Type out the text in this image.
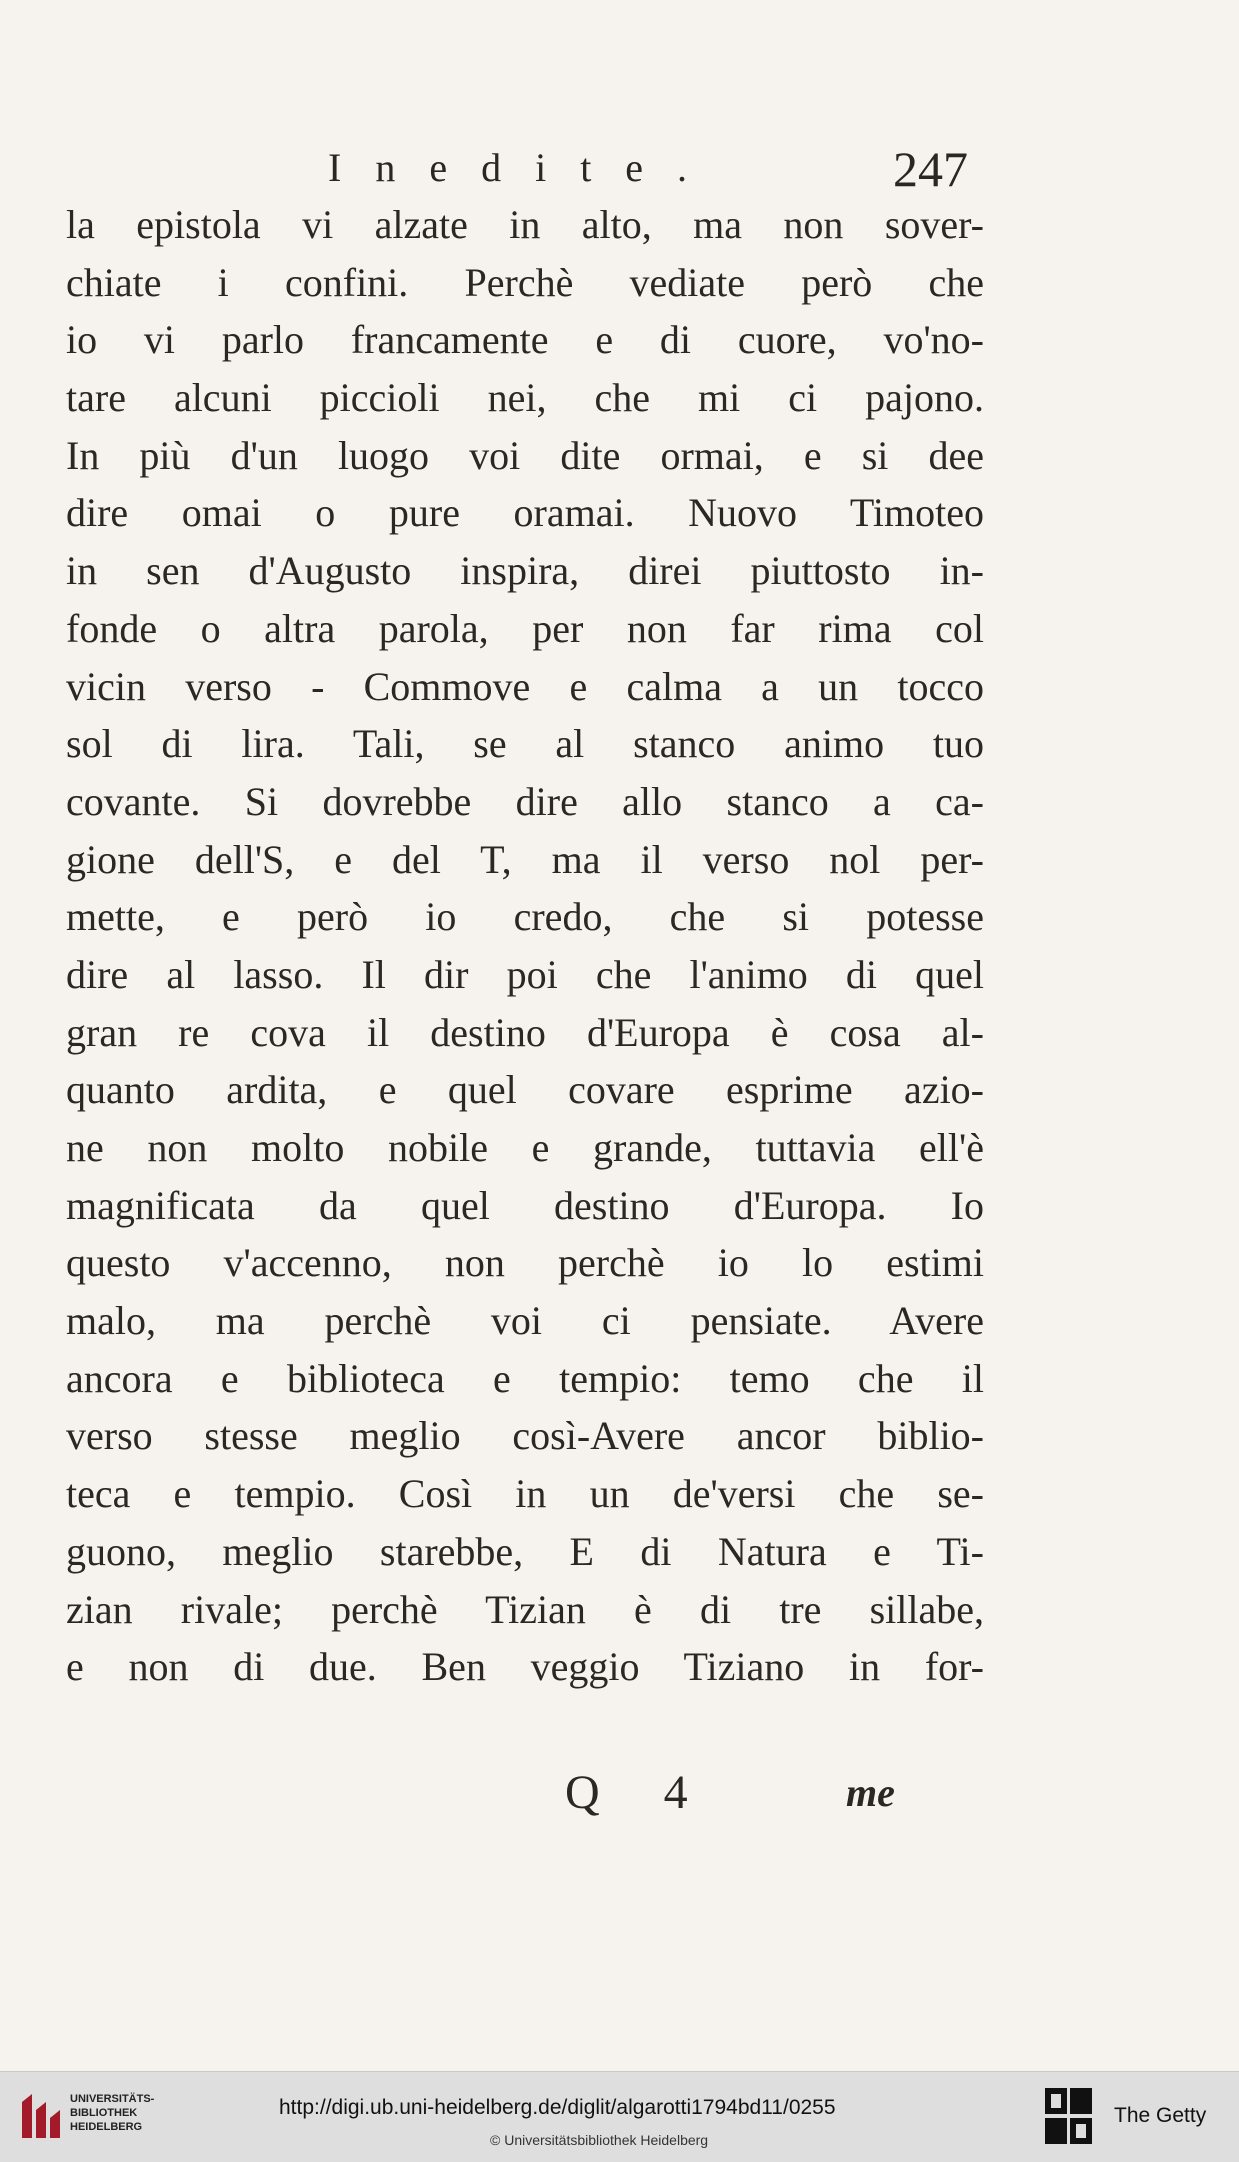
Inedite.	247
la epistola vi alzate in alto, ma non sover-
chiate i confini. Perchè vediate però che
io vi parlo francamente e di cuore, vo'no-
tare alcuni piccioli nei, che mi ci pajono.
In più d'un luogo voi dite ormai, e si dee
dire omai o pure oramai. Nuovo Timoteo
in sen d'Augusto inspira, direi piuttosto in-
fonde o altra parola, per non far rima col
vicin verso - Commove e calma a un tocco
sol di lira. Tali, se al stanco animo tuo
covante. Si dovrebbe dire allo stanco a ca-
gione dell'S, e del T, ma il verso nol per-
mette, e però io credo, che si potesse
dire al lasso. Il dir poi che l'animo di quel
gran re cova il destino d'Europa è cosa al-
quanto ardita, e quel covare esprime azio-
ne non molto nobile e grande, tuttavia ell'è
magnificata da quel destino d'Europa. Io
questo v'accenno, non perchè io lo estimi
malo, ma perchè voi ci pensiate. Avere
ancora e biblioteca e tempio: temo che il
verso stesse meglio così-Avere ancor biblio-
teca e tempio. Così in un de'versi che se-
guono, meglio starebbe, E di Natura e Ti-
zian rivale; perchè Tizian è di tre sillabe,
e non di due. Ben veggio Tiziano in for-
Q 4	me
UNIVERSITÄTS-
BIBLIOTHEK
HEIDELBERG
http://digi.ub.uni-heidelberg.de/diglit/algarotti1794bd11/0255
© Universitätsbibliothek Heidelberg
The Getty
